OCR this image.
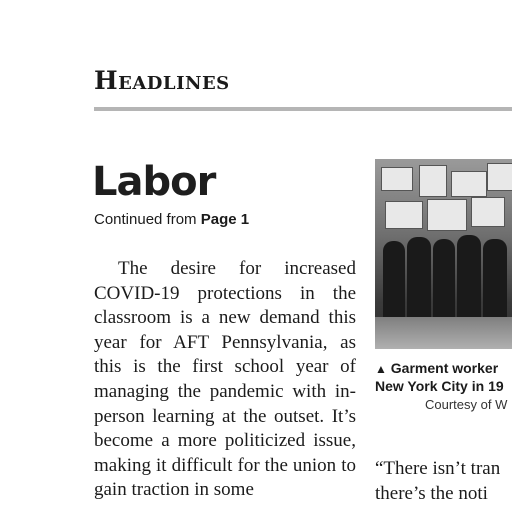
Headlines
Labor
Continued from Page 1

The desire for increased COVID-19 protections in the classroom is a new demand this year for AFT Pennsylvania, as this is the first school year of managing the pandemic with in-person learning at the outset. It’s become a more politicized issue, making it difficult for the union to gain traction in some

▲ Garment worker
New York City in 19
Courtesy of W
“There isn’t tran
there’s the noti
